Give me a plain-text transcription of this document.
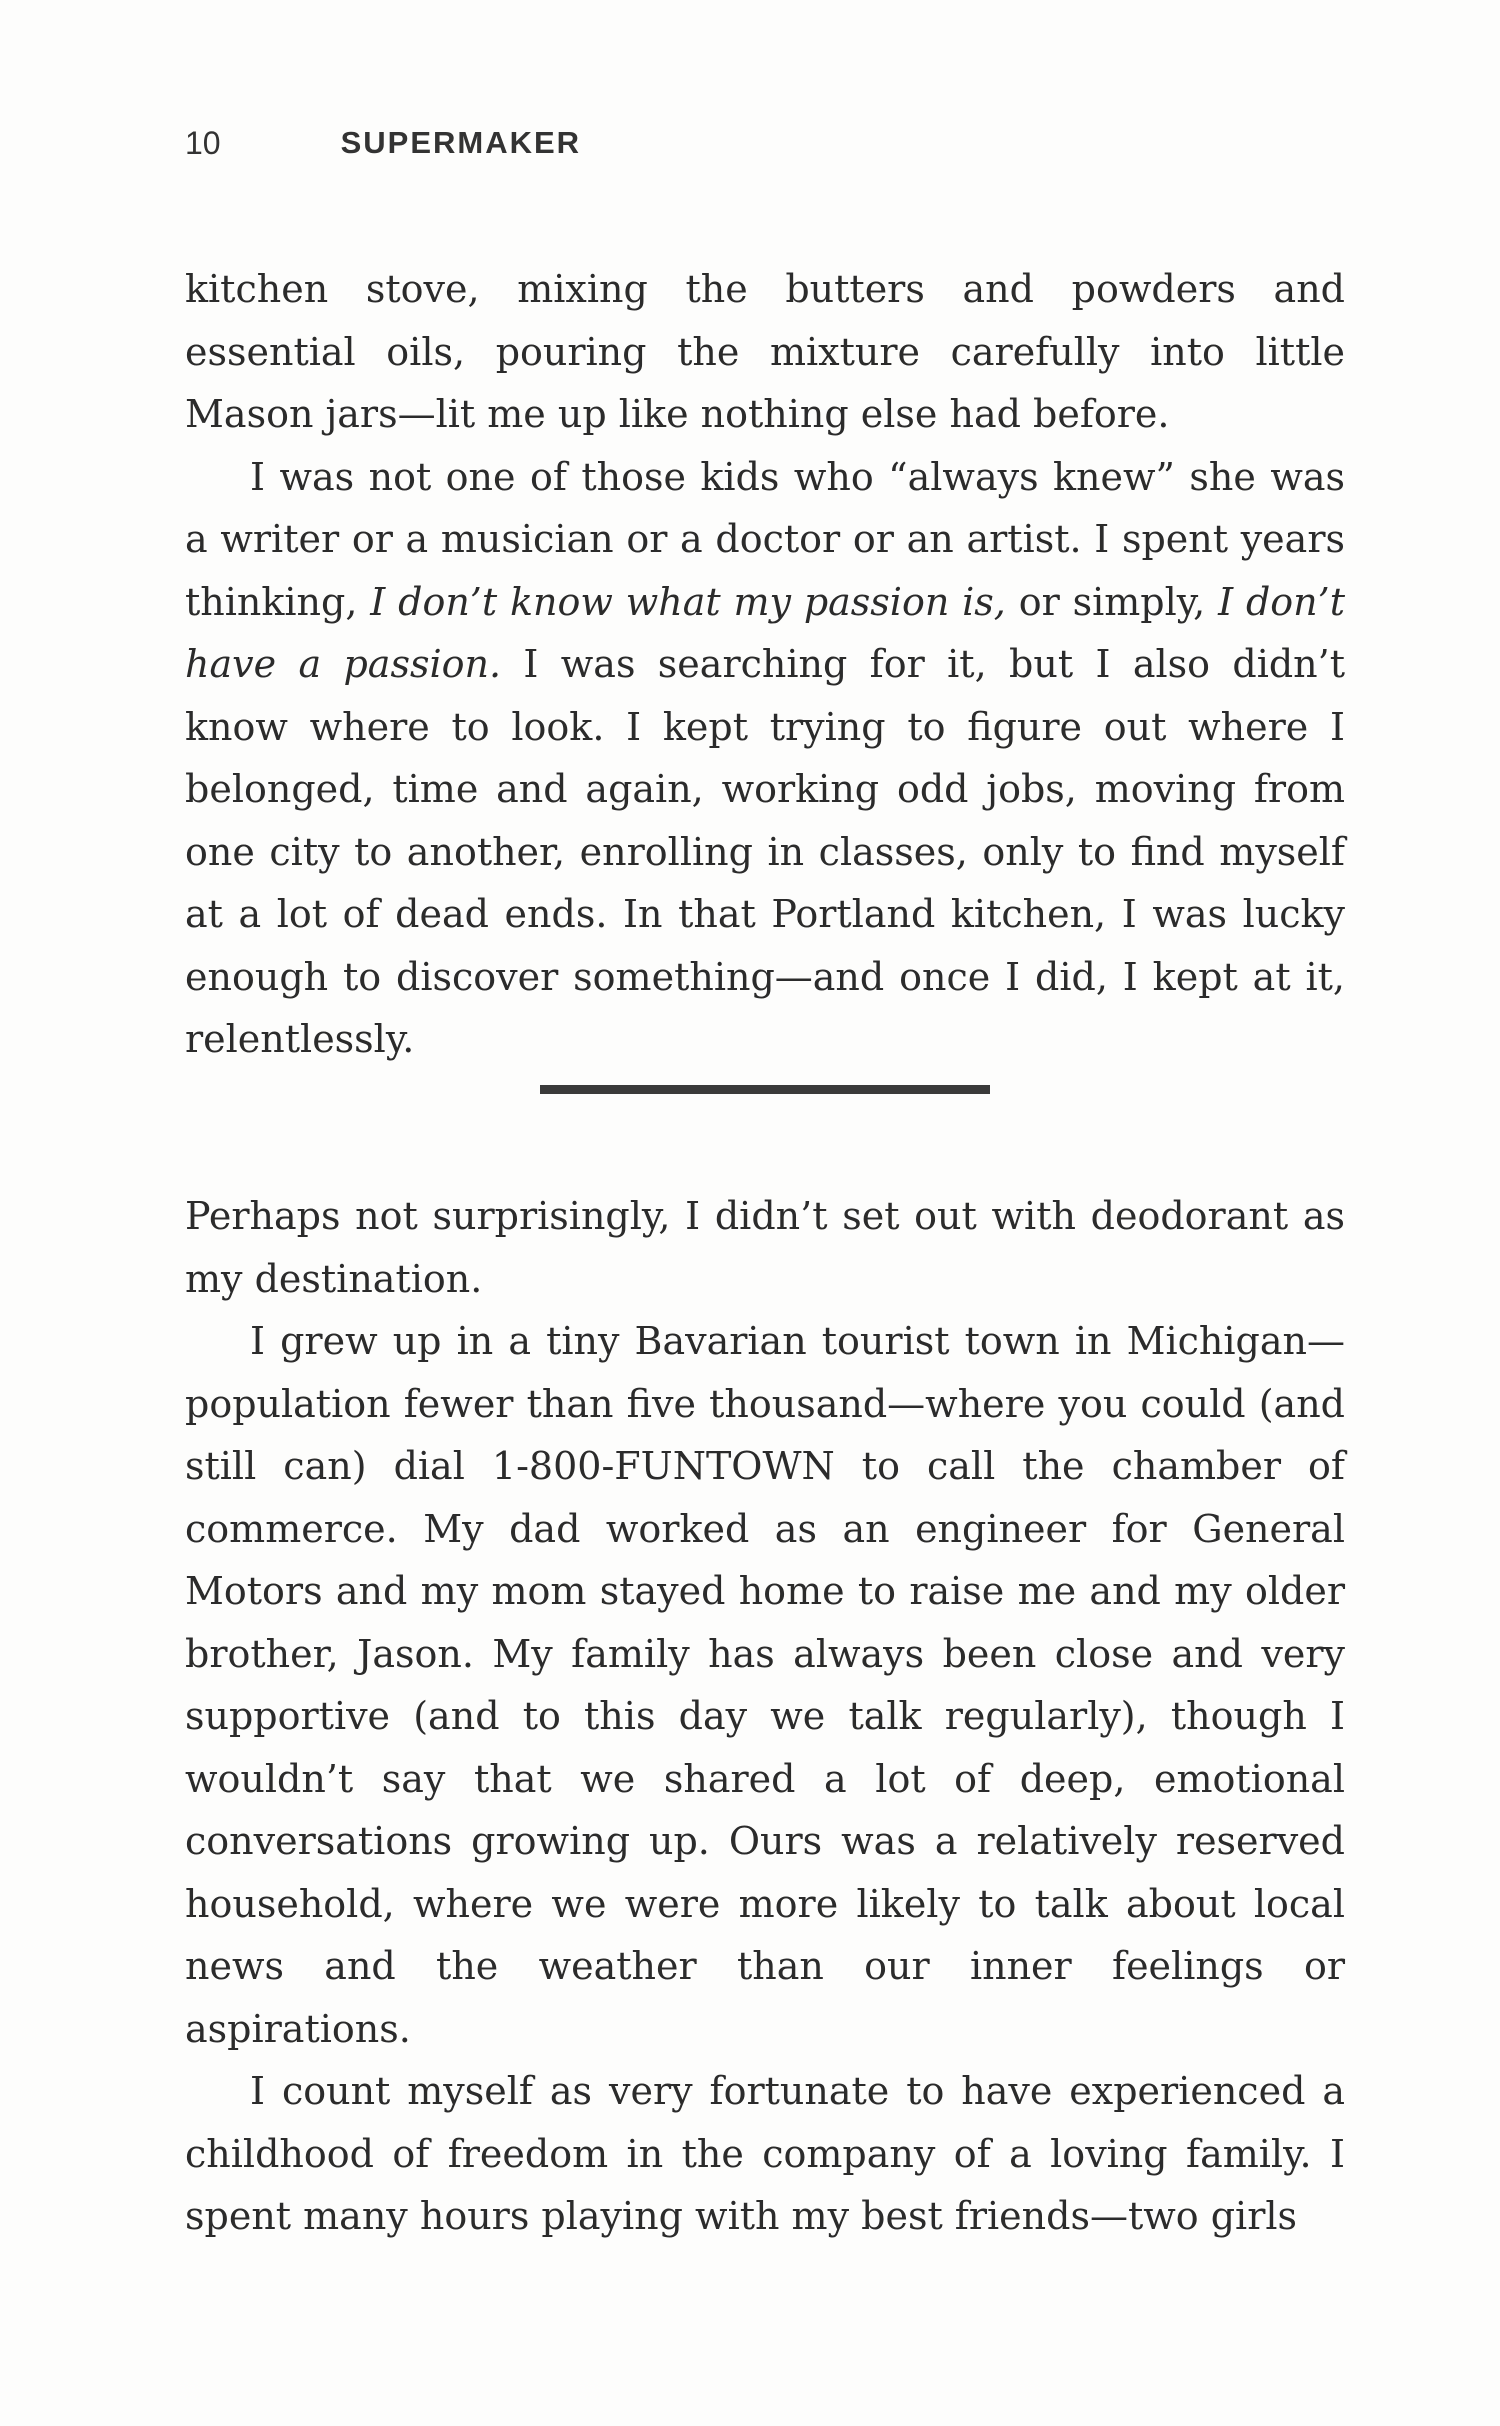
10	SUPERMAKER

kitchen stove, mixing the butters and powders and essential oils, pouring the mixture carefully into little Mason jars—lit me up like nothing else had before.

I was not one of those kids who “always knew” she was a writer or a musician or a doctor or an artist. I spent years thinking, I don’t know what my passion is, or simply, I don’t have a passion. I was searching for it, but I also didn’t know where to look. I kept trying to figure out where I belonged, time and again, working odd jobs, moving from one city to another, enrolling in classes, only to find myself at a lot of dead ends. In that Portland kitchen, I was lucky enough to discover something—and once I did, I kept at it, relentlessly.

Perhaps not surprisingly, I didn’t set out with deodorant as my destination.

I grew up in a tiny Bavarian tourist town in Michigan—population fewer than five thousand—where you could (and still can) dial 1-800-FUNTOWN to call the chamber of commerce. My dad worked as an engineer for General Motors and my mom stayed home to raise me and my older brother, Jason. My family has always been close and very supportive (and to this day we talk regularly), though I wouldn’t say that we shared a lot of deep, emotional conversations growing up. Ours was a relatively reserved household, where we were more likely to talk about local news and the weather than our inner feelings or aspirations.

I count myself as very fortunate to have experienced a childhood of freedom in the company of a loving family. I spent many hours playing with my best friends—two girls
